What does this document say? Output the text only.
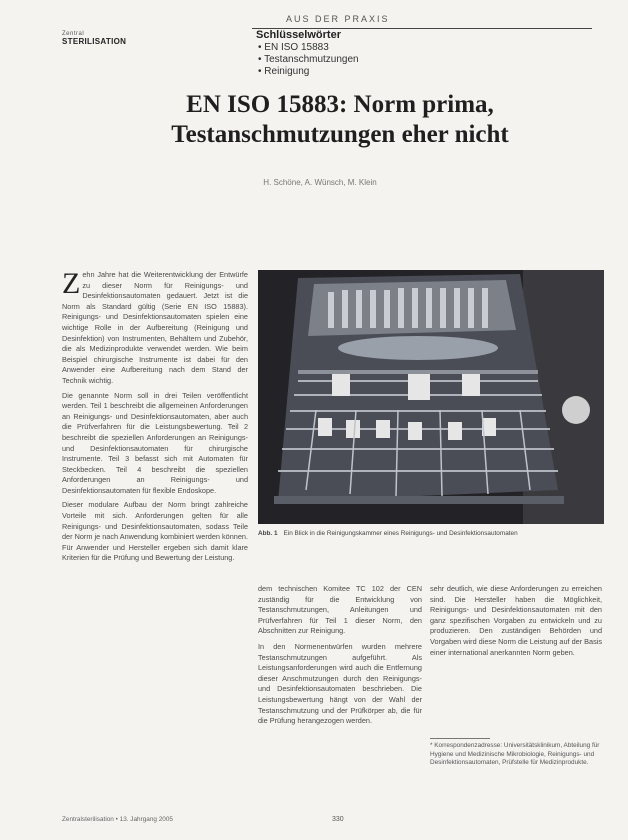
AUS DER PRAXIS
Zentral
STERILISATION
Schlüsselwörter
• EN ISO 15883
• Testanschmutzungen
• Reinigung
EN ISO 15883: Norm prima,
Testanschmutzungen eher nicht
H. Schöne, A. Wünsch, M. Klein

Zehn Jahre hat die Weiterentwicklung der Entwürfe zu dieser Norm für Reinigungs- und Desinfektionsautomaten gedauert. Jetzt ist die Norm als Standard gültig (Serie EN ISO 15883). Reinigungs- und Desinfektionsautomaten spielen eine wichtige Rolle in der Aufbereitung (Reinigung und Desinfektion) von Instrumenten, Behältern und Zubehör, die als Medizinprodukte verwendet werden. Wie beim Beispiel chirurgische Instrumente ist dabei für den Anwender eine Aufbereitung nach dem Stand der Technik wichtig.

Die genannte Norm soll in drei Teilen veröffentlicht werden. Teil 1 beschreibt die allgemeinen Anforderungen an Reinigungs- und Desinfektionsautomaten, aber auch die Prüfverfahren für die Leistungsbewertung. Teil 2 beschreibt die speziellen Anforderungen an Reinigungs- und Desinfektionsautomaten für chirurgische Instrumente. Teil 3 befasst sich mit Automaten für Steckbecken. Teil 4 beschreibt die speziellen Anforderungen an Reinigungs- und Desinfektionsautomaten für flexible Endoskope.

Dieser modulare Aufbau der Norm bringt zahlreiche Vorteile mit sich. Anforderungen gelten für alle Reinigungs- und Desinfektionsautomaten, sodass Teile der Norm je nach Anwendung kombiniert werden können. Für Anwender und Hersteller ergeben sich damit klare Kriterien für die Prüfung und Bewertung der Leistung.

Abb. 1 Ein Blick in die Reinigungskammer eines Reinigungs- und Desinfektionsautomaten

dem technischen Komitee TC 102 der CEN zuständig für die Entwicklung von Testanschmutzungen, Anleitungen und Prüfverfahren für Teil 1 dieser Norm, den Abschnitten zur Reinigung.

In den Normenentwürfen wurden mehrere Testanschmutzungen aufgeführt. Als Leistungsanforderungen wird auch die Entfernung dieser Anschmutzungen durch den Reinigungs- und Desinfektionsautomaten beschrieben. Die Leistungsbewertung hängt von der Wahl der Testanschmutzung und der Prüfkörper ab, die für die Prüfung herangezogen werden.

sehr deutlich, wie diese Anforderungen zu erreichen sind. Die Hersteller haben die Möglichkeit, Reinigungs- und Desinfektionsautomaten mit den ganz spezifischen Vorgaben zu entwickeln und zu produzieren. Den zuständigen Behörden und Vorgaben wird diese Norm die Leistung auf der Basis einer international anerkannten Norm geben.

* Korrespondenzadresse: Universitätsklinikum, Abteilung für Hygiene und Medizinische Mikrobiologie, Reinigungs- und Desinfektionsautomaten, Prüfstelle für Medizinprodukte.
Zentralsterilisation • 13. Jahrgang 2005	330
